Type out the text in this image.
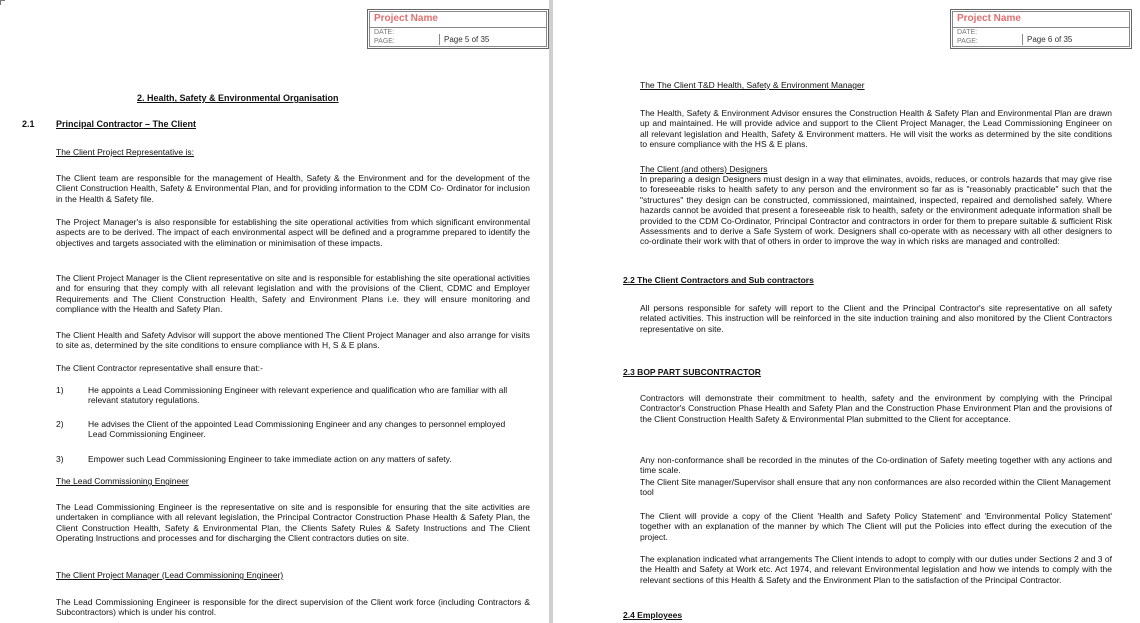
Project Name
DATE:
PAGE:	Page 5 of 35
2. Health, Safety & Environmental Organisation
2.1 Principal Contractor – The Client
The Client Project Representative is:
The Client team are responsible for the management of Health, Safety & the Environment and for the development of the Client Construction Health, Safety & Environmental Plan, and for providing information to the CDM Co- Ordinator for inclusion in the Health & Safety file.
The Project Manager's is also responsible for establishing the site operational activities from which significant environmental aspects are to be derived. The impact of each environmental aspect will be defined and a programme prepared to identify the objectives and targets associated with the elimination or minimisation of these impacts.
The Client Project Manager is the Client representative on site and is responsible for establishing the site operational activities and for ensuring that they comply with all relevant legislation and with the provisions of the Client, CDMC and Employer Requirements and The Client Construction Health, Safety and Environment Plans i.e. they will ensure monitoring and compliance with the Health and Safety Plan.
The Client Health and Safety Advisor will support the above mentioned The Client Project Manager and also arrange for visits to site as, determined by the site conditions to ensure compliance with H, S & E plans.
The Client Contractor representative shall ensure that:-
1)	He appoints a Lead Commissioning Engineer with relevant experience and qualification who are familiar with all relevant statutory regulations.
2)	He advises the Client of the appointed Lead Commissioning Engineer and any changes to personnel employed Lead Commissioning Engineer.
3)	Empower such Lead Commissioning Engineer to take immediate action on any matters of safety.
The Lead Commissioning Engineer
The Lead Commissioning Engineer is the representative on site and is responsible for ensuring that the site activities are undertaken in compliance with all relevant legislation, the Principal Contractor Construction Phase Health & Safety Plan, the Client Construction Health, Safety & Environmental Plan, the Clients Safety Rules & Safety Instructions and The Client Operating Instructions and processes and for discharging the Client contractors duties on site.
The Client Project Manager (Lead Commissioning Engineer)
The Lead Commissioning Engineer is responsible for the direct supervision of the Client work force (including Contractors & Subcontractors) which is under his control.
Project Name
DATE:
PAGE:	Page 6 of 35
The The Client T&D Health, Safety & Environment Manager
The Health, Safety & Environment Advisor ensures the Construction Health & Safety Plan and Environmental Plan are drawn up and maintained. He will provide advice and support to the Client Project Manager, the Lead Commissioning Engineer on all relevant legislation and Health, Safety & Environment matters. He will visit the works as determined by the site conditions to ensure compliance with the HS & E plans.
The Client (and others) Designers
In preparing a design Designers must design in a way that eliminates, avoids, reduces, or controls hazards that may give rise to foreseeable risks to health safety to any person and the environment so far as is "reasonably practicable" such that the "structures" they design can be constructed, commissioned, maintained, inspected, repaired and demolished safely. Where hazards cannot be avoided that present a foreseeable risk to health, safety or the environment adequate information shall be provided to the CDM Co-Ordinator, Principal Contractor and contractors in order for them to prepare suitable & sufficient Risk Assessments and to derive a Safe System of work. Designers shall co-operate with as necessary with all other designers to co-ordinate their work with that of others in order to improve the way in which risks are managed and controlled:
2.2 The Client Contractors and Sub contractors
All persons responsible for safety will report to the Client and the Principal Contractor's site representative on all safety related activities. This instruction will be reinforced in the site induction training and also monitored by the Client Contractors representative on site.
2.3 BOP PART SUBCONTRACTOR
Contractors will demonstrate their commitment to health, safety and the environment by complying with the Principal Contractor's Construction Phase Health and Safety Plan and the Construction Phase Environment Plan and the provisions of the Client Construction Health Safety & Environmental Plan submitted to the Client for acceptance.
Any non-conformance shall be recorded in the minutes of the Co-ordination of Safety meeting together with any actions and time scale.
The Client Site manager/Supervisor shall ensure that any non conformances are also recorded within the Client Management tool
The Client will provide a copy of the Client 'Health and Safety Policy Statement' and 'Environmental Policy Statement' together with an explanation of the manner by which The Client will put the Policies into effect during the execution of the project.
The explanation indicated what arrangements The Client intends to adopt to comply with our duties under Sections 2 and 3 of the Health and Safety at Work etc. Act 1974, and relevant Environmental legislation and how we intends to comply with the relevant sections of this Health & Safety and the Environment Plan to the satisfaction of the Principal Contractor.
2.4 Employees
